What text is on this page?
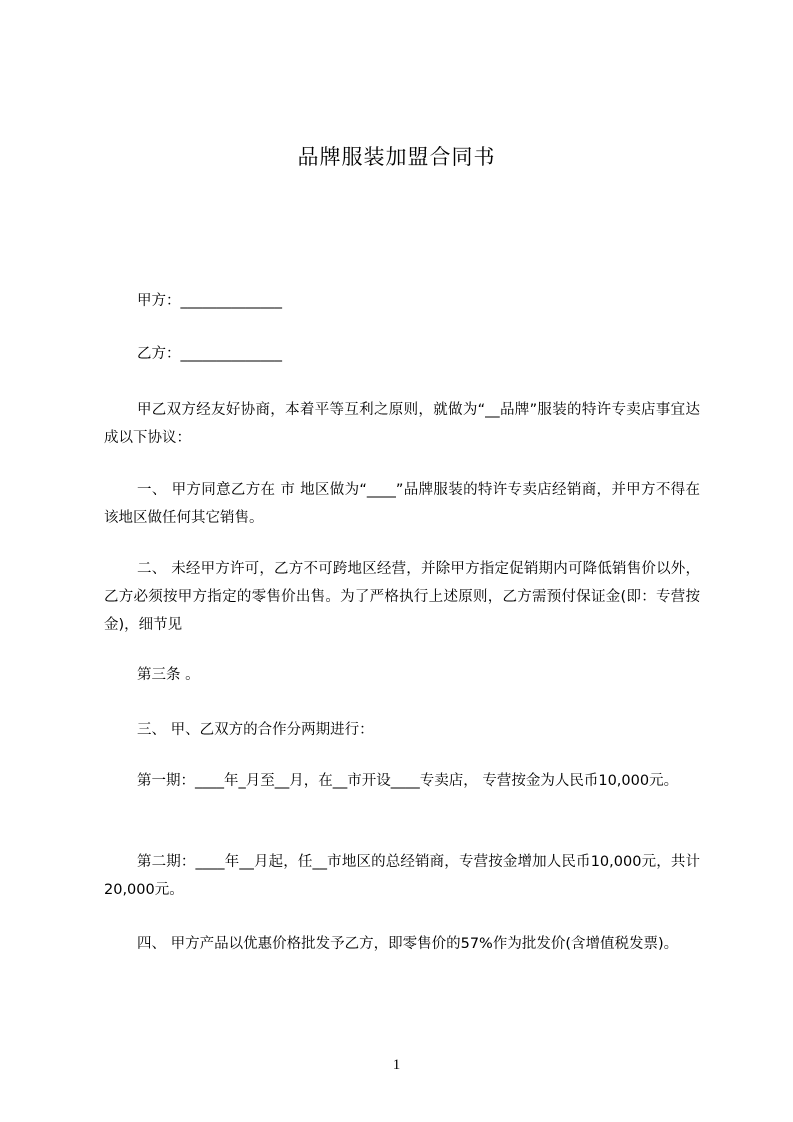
品牌服装加盟合同书
甲方：______________
乙方：______________
甲乙双方经友好协商，本着平等互利之原则，就做为“__品牌”服装的特许专卖店事宜达成以下协议：
一、 甲方同意乙方在 市 地区做为“____”品牌服装的特许专卖店经销商，并甲方不得在该地区做任何其它销售。
二、 未经甲方许可，乙方不可跨地区经营，并除甲方指定促销期内可降低销售价以外，乙方必须按甲方指定的零售价出售。为了严格执行上述原则，乙方需预付保证金(即：专营按金)，细节见
第三条 。
三、 甲、乙双方的合作分两期进行：
第一期：____年_月至__月，在__市开设____专卖店， 专营按金为人民币10,000元。
第二期：____年__月起，任__市地区的总经销商，专营按金增加人民币10,000元，共计20,000元。
四、 甲方产品以优惠价格批发予乙方，即零售价的57%作为批发价(含增值税发票)。
1
